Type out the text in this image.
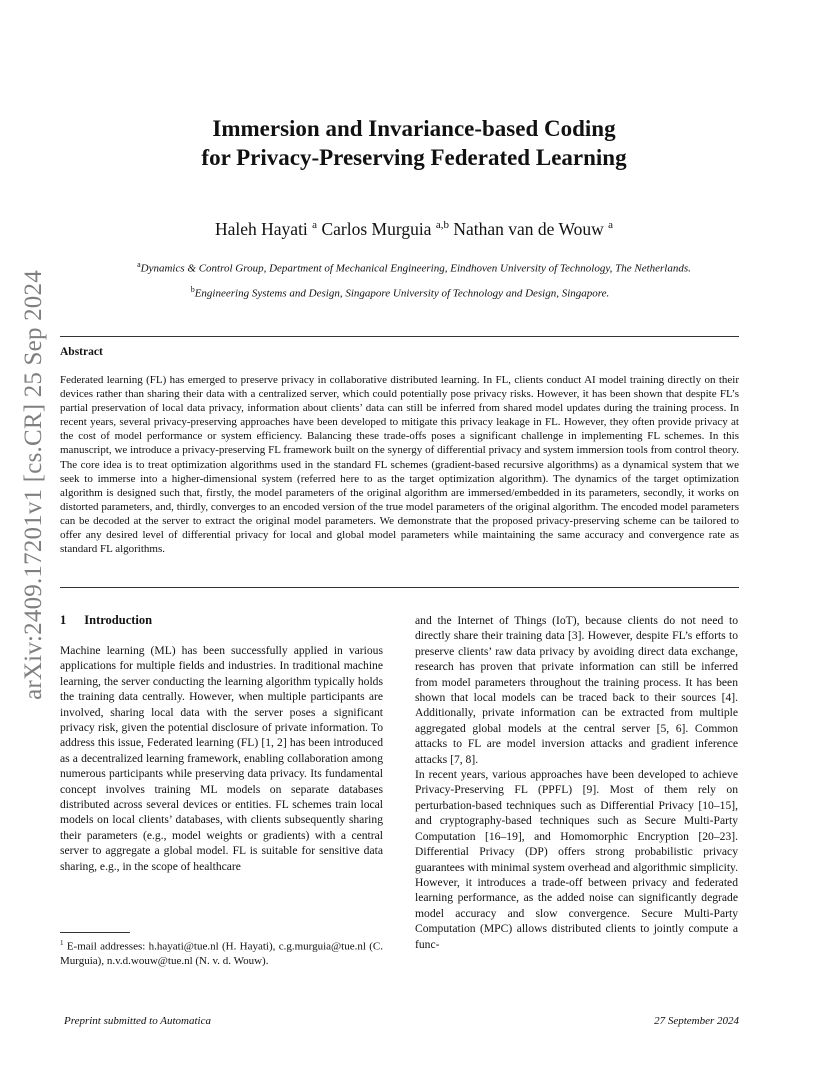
arXiv:2409.17201v1 [cs.CR] 25 Sep 2024
Immersion and Invariance-based Coding
for Privacy-Preserving Federated Learning
Haleh Hayati $^a$ Carlos Murguia $^{a,b}$ Nathan van de Wouw $^a$
$^a$Dynamics & Control Group, Department of Mechanical Engineering, Eindhoven University of Technology, The Netherlands.
$^b$Engineering Systems and Design, Singapore University of Technology and Design, Singapore.
Abstract
Federated learning (FL) has emerged to preserve privacy in collaborative distributed learning. In FL, clients conduct AI model training directly on their devices rather than sharing their data with a centralized server, which could potentially pose privacy risks. However, it has been shown that despite FL’s partial preservation of local data privacy, information about clients’ data can still be inferred from shared model updates during the training process. In recent years, several privacy-preserving approaches have been developed to mitigate this privacy leakage in FL. However, they often provide privacy at the cost of model performance or system efficiency. Balancing these trade-offs poses a significant challenge in implementing FL schemes. In this manuscript, we introduce a privacy-preserving FL framework built on the synergy of differential privacy and system immersion tools from control theory. The core idea is to treat optimization algorithms used in the standard FL schemes (gradient-based recursive algorithms) as a dynamical system that we seek to immerse into a higher-dimensional system (referred here to as the target optimization algorithm). The dynamics of the target optimization algorithm is designed such that, firstly, the model parameters of the original algorithm are immersed/embedded in its parameters, secondly, it works on distorted parameters, and, thirdly, converges to an encoded version of the true model parameters of the original algorithm. The encoded model parameters can be decoded at the server to extract the original model parameters. We demonstrate that the proposed privacy-preserving scheme can be tailored to offer any desired level of differential privacy for local and global model parameters while maintaining the same accuracy and convergence rate as standard FL algorithms.
1 Introduction

Machine learning (ML) has been successfully applied in various applications for multiple fields and industries. In traditional machine learning, the server conducting the learning algorithm typically holds the training data centrally. However, when multiple participants are involved, sharing local data with the server poses a significant privacy risk, given the potential disclosure of private information. To address this issue, Federated learning (FL) [1, 2] has been introduced as a decentralized learning framework, enabling collaboration among numerous participants while preserving data privacy. Its fundamental concept involves training ML models on separate databases distributed across several devices or entities. FL schemes train local models on local clients’ databases, with clients subsequently sharing their parameters (e.g., model weights or gradients) with a central server to aggregate a global model. FL is suitable for sensitive data sharing, e.g., in the scope of healthcare

and the Internet of Things (IoT), because clients do not need to directly share their training data [3]. However, despite FL’s efforts to preserve clients’ raw data privacy by avoiding direct data exchange, research has proven that private information can still be inferred from model parameters throughout the training process. It has been shown that local models can be traced back to their sources [4]. Additionally, private information can be extracted from multiple aggregated global models at the central server [5, 6]. Common attacks to FL are model inversion attacks and gradient inference attacks [7, 8].

In recent years, various approaches have been developed to achieve Privacy-Preserving FL (PPFL) [9]. Most of them rely on perturbation-based techniques such as Differential Privacy [10–15], and cryptography-based techniques such as Secure Multi-Party Computation [16–19], and Homomorphic Encryption [20–23]. Differential Privacy (DP) offers strong probabilistic privacy guarantees with minimal system overhead and algorithmic simplicity. However, it introduces a trade-off between privacy and federated learning performance, as the added noise can significantly degrade model accuracy and slow convergence. Secure Multi-Party Computation (MPC) allows distributed clients to jointly compute a func-

$^1$ E-mail addresses: h.hayati@tue.nl (H. Hayati), c.g.murguia@tue.nl (C. Murguia), n.v.d.wouw@tue.nl (N. v. d. Wouw).
Preprint submitted to Automatica	27 September 2024
